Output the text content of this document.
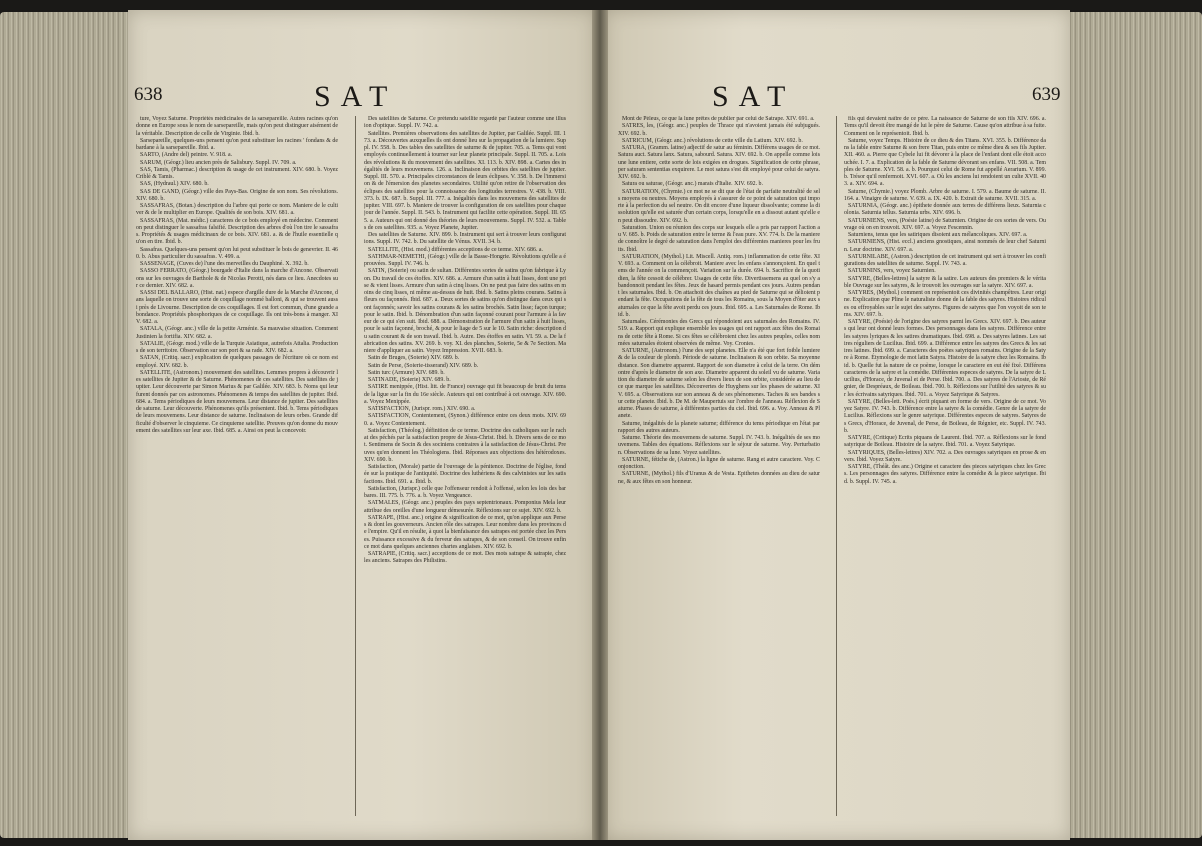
638	SAT

ture, Voyez Saturne. Propriétés médicinales de la sarsepareille. Autres racines qu'on donne en Europe sous le nom de sarsepareille, mais qu'on peut distinguer aisément de la véritable. Description de celle de Virginie. Ibid. b.

Sarsepareille, quelques-uns pensent qu'on peut substituer les racines ' fondans & de bardane à la sarsepareille. Ibid. a.

SARTO, (Andre del) peintre. V. 918. a.

SARUM, (Géogr.) lieu ancien près de Salisbury. Suppl. IV. 709. a.

SAS, Tamis, (Pharmac.) description & usage de cet instrument. XIV. 680. b. Voyez Criblé & Tamis.

SAS, (Hydraul.) XIV. 680. b.

SAS DE GAND, (Géogr.) ville des Pays-Bas. Origine de son nom. Ses révolutions. XIV. 680. b.

SASSAFRAS, (Botan.) description du l'arbre qui porte ce nom. Maniere de le cultiver & de le multiplier en Europe. Qualités de son bois. XIV. 681. a.

SASSAFRAS, (Mat. médic.) caracteres de ce bois employé en médecine. Comment on peut distinguer le sassafras falsifié. Description des arbres d'où l'on tire le sassafras. Propriétés & usages médicinaux de ce bois. XIV. 681. a. & de l'huile essentielle qu'on en tire. Ibid. b.

Sassafras. Quelques-uns pensent qu'on lui peut substituer le bois de genevrier. II. 460. b. Abus particulier du sassafras. V. 499. a.

SASSENAGE, (Cuves de) l'une des merveilles du Dauphiné. X. 392. b.

SASSO FERRATO, (Géogr.) bourgade d'Italie dans la marche d'Ancone. Observations sur les ouvrages de Barthole & de Nicolas Perotti, nés dans ce lieu. Anecdotes sur ce dernier. XIV. 682. a.

SASSI DEL BALLARO, (Hist. nat.) espece d'argille dure de la Marche d'Ancone, dans laquelle on trouve une sorte de coquillage nommé balloni, & qui se trouvent aussi près de Livourne. Description de ces coquillages. Il est fort commun, d'une grande abondance. Propriétés phosphoriques de ce coquillage. Ils ont très-bons à manger. XIV. 682. a.

SATALA, (Géogr. anc.) ville de la petite Arménie. Sa mauvaise situation. Comment Justinien la fortifia. XIV. 682. a.

SATALIE, (Géogr. mod.) ville de la Turquie Asiatique, autrefois Attalia. Productions de son territoire. Observation sur son port & sa rade. XIV. 682. a.

SATAN, (Critiq. sacr.) explication de quelques passages de l'écriture où ce nom est employé. XIV. 682. b.

SATELLITE, (Astronom.) mouvement des satellites. Lemmes propres à découvrir les satellites de Jupiter & de Saturne. Phénomenes de ces satellites. Des satellites de jupiter. Leur découverte par Simon Marius & par Galilée. XIV. 683. b. Noms qui leur furent donnés par ces astronomes. Phénomenes & temps des satellites de jupiter. Ibid. 684. a. Tems périodiques de leurs mouvemens. Leur distance de jupiter. Des satellites de saturne. Leur découverte. Phénomenes qu'ils présentent. Ibid. b. Tems périodiques de leurs mouvemens. Leur distance de saturne. Inclinaison de leurs orbes. Grande difficulté d'observer le cinquieme. Ce cinquieme satellite. Preuves qu'on donne du mouvement des satellites sur leur axe. Ibid. 685. a. Ainsi on peut la concevoir.

Des satellites de Saturne. Ce prétendu satellite regardé par l'auteur comme une illusion d'optique. Suppl. IV. 742. a.

Satellites. Premières observations des satellites de Jupiter, par Galilée. Suppl. III. 173. a. Découvertes auxquelles ils ont donné lieu sur la propagation de la lumiere. Suppl. IV. 558. b. Des tables des satellites de saturne & de jupiter. 705. a. Tems qui vont employés continuellement à tourner sur leur planete principale. Suppl. II. 705. a. Lois des révolutions & du mouvement des satellites. XI. 113. b. XIV. 898. a. Cartes des inégalités de leurs mouvemens. 126. a. Inclinaison des orbites des satellites de jupiter. Suppl. III. 570. a. Principales circonstances de leurs éclipses. V. 358. b. De l'immersion & de l'émersion des planetes secondaires. Utilité qu'on retire de l'observation des éclipses des satellites pour la connoissance des longitudes terrestres. V. 438. b. VIII. 373. b. IX. 687. b. Suppl. III. 777. a. Inégalités dans les mouvemens des satellites de jupiter. VIII. 697. b. Maniere de trouver la configuration de ces satellites pour chaque jour de l'année. Suppl. II. 543. b. Instrument qui facilite cette opération. Suppl. III. 655. a. Auteurs qui ont donné des théories de leurs mouvemens. Suppl. IV. 532. a. Tables de ces satellites. 935. a. Voyez Planete, Jupiter.

Des satellites de Saturne. XIV. 899. b. Instrument qui sert à trouver leurs configurations. Suppl. IV. 742. b. Du satellite de Vénus. XVII. 34. b.

SATELLITE, (Hist. mod.) différentes acceptions de ce terme. XIV. 686. a.

SATHMAR-NEMETHI, (Géogr.) ville de la Basse-Hongrie. Révolutions qu'elle a éprouvées. Suppl. IV. 746. b.

SATIN, (Soierie) ou satin de sultan. Différentes sortes de satins qu'on fabrique à Lyon. Du travail de ces étoffes. XIV. 686. a. Armure d'un satin à huit lisses, dont une prise & vient lisses. Armure d'un satin à cinq lisses. On ne peut pas faire des satins en moins de cinq lisses, ni même au-dessus de huit. Ibid. b. Satins pleins courans. Satins à fleurs ou façonnés. Ibid. 687. a. Deux sortes de satins qu'on distingue dans ceux qui sont façonnés; savoir les satins courans & les satins brochés. Satin lisse; façon turque; pour le satin. Ibid. b. Dénombration d'un satin façonné courant pour l'armure à la faveur de ce qui s'en suit. Ibid. 688. a. Démonstration de l'armure d'un satin à huit lisses, pour le satin façonné, broché, & pour le liage de 5 sur le 10. Satin riche: description du satin courant & de son travail. Ibid. b. Autre. Des étoffes en satin. VI. 59. a. De la fabrication des satins. XV. 269. b. voy. XI. des planches, Soierie, 5e & 7e Section. Maniere d'appliquer au satin. Voyez Impression. XVII. 683. b.

Satin de Bruges, (Soierie) XIV. 689. b.

Satin de Perse, (Soierie-tisserand) XIV. 689. b.

Satin turc (Armure) XIV. 689. b.

SATINADE, (Soierie) XIV. 689. b.

SATIRE menippée, (Hist. litt. de France) ouvrage qui fit beaucoup de bruit du tems de la ligue sur la fin du 16e siècle. Auteurs qui ont contribué à cet ouvrage. XIV. 690. a. Voyez Menippée.

SATISFACTION, (Jurispr. rom.) XIV. 690. a.

SATISFACTION, Contentement, (Synon.) différence entre ces deux mots. XIV. 690. a. Voyez Contentement.

Satisfaction, (Théolog.) définition de ce terme. Doctrine des catholiques sur le rachat des péchés par la satisfaction propre de Jésus-Christ. Ibid. b. Divers sens de ce mot. Sentimens de Socin & des sociniens contraires à la satisfaction de Jésus-Christ. Preuves qu'en donnent les Théologiens. Ibid. Réponses aux objections des hétérodoxes. XIV. 690. b.

Satisfaction, (Morale) partie de l'ouvrage de la pénitence. Doctrine de l'église, fondée sur la pratique de l'antiquité. Doctrine des luthériens & des calvinistes sur les satisfactions. Ibid. 691. a. Ibid. b.

Satisfaction, (Jurispr.) celle que l'offenseur rendoit à l'offensé, selon les lois des barbares. III. 775. b. 776. a. b. Voyez Vengeance.

SATMALES, (Géogr. anc.) peuples des pays septentrionaux. Pomponius Mela leur attribue des oreilles d'une longueur démesurée. Réflexions sur ce sujet. XIV. 692. b.

SATRAPE, (Hist. anc.) origine & signification de ce mot, qu'on applique aux Perses & dont les gouverneurs. Ancien rôle des satrapes. Leur nombre dans les provinces de l'empire. Qu'il en résulte, à quoi la bienfaisance des satrapes est portée chez les Perses. Puissance excessive & du ferveur des satrapes, & de son conseil. On trouve enfin ce mot dans quelques anciennes chartes anglaises. XIV. 692. b.

SATRAPIE, (Critiq. sacr.) acceptions de ce mot. Des mots satrape & satrapie, chez les anciens. Satrapes des Philistins.

SAT	639

Mont de Péleus, ce que la lune prêtes de publier par celui de Satrape. XIV. 691. a.

SATRES, les, (Géogr. anc.) peuples de Thrace qui n'avoient jamais été subjugués. XIV. 692. b.

SATRICUM, (Géogr. anc.) révolutions de cette ville du Latium. XIV. 692. b.

SATURA, (Gramm. latine) adjectif de satur au féminin. Différens usages de ce mot. Satura auct. Satura lanx. Satura, sabourd. Satura. XIV. 692. b. On appelle comme lois une lune entiere, cette sorte de lois exigées en drogues. Signification de cette phrase, per saturam sententias exquirere. Le mot satura s'est dit employé pour celui de satyra. XIV. 692. b.

Satura ou saturae, (Géogr. anc.) marais d'Italie. XIV. 692. b.

SATURATION, (Chymie.) ce mot ne se dit que de l'état de parfaite neutralité de sels moyens ou neutres. Moyens employés à s'assurer de ce point de saturation qui importe à la perfection du sel neutre. On dit encore d'une liqueur dissolvante; comme la dissolution qu'elle est saturée d'un certain corps, lorsqu'elle en a dissout autant qu'elle en peut dissoudre. XIV. 692. b.

Saturation. Union ou réunion des corps sur lesquels elle a pris par rapport l'action au V. 685. b. Poids de saturation entre le terme & l'eau pure. XV. 774. b. De la maniere de connoître le degré de saturation dans l'emploi des différentes manieres pour les fruits. Ibid.

SATURATION, (Mythol.) Lit. Miscell. Antiq. rom.) inflammation de cette fête. XIV. 693. a. Comment on la célébroit. Maniere avec les enfans s'annonçoient. En quel tems de l'année on la commençoit. Variation sur la durée. 694. b. Sacrifice de la quotidien, la fête cessoit de célébrer. Usages de cette fête. Divertissemens au quel on s'y abandonnoit pendant les fêtes. Jeux de hasard permis pendant ces jours. Autres pendant les saturnales. Ibid. b. On attachoit des chaînes au pied de Saturne qui se délioient pendant la fête. Occupations de la fête de tous les Romains, sous la Moyen d'ôter aux saturnales ce que la fête avoit perdu ces jours. Ibid. 695. a. Les Saturnales de Rome. Ibid. b.

Saturnales. Cérémonies des Grecs qui répondoient aux saturnales des Romains. IV. 519. a. Rapport qui explique ensemble les usages qui ont rapport aux fêtes des Romains de cette fête à Rome. Si ces fêtes se célébroient chez les autres peuples, celles nommées saturnales étoient observées de même. Voy. Cronies.

SATURNE, (Astronom.) l'une des sept planetes. Elle n'a été que fort foible lumiere & de la couleur de plomb. Période de saturne. Inclinaison & son orbite. Sa moyenne distance. Son diametre apparent. Rapport de son diametre à celui de la terre. On démontre d'après le diametre de son axe. Diametre apparent du soleil vu de saturne. Variation du diametre de saturne selon les divers lieux de son orbite, considérée au lieu de ce que marque les satellites. Découvertes de Huyghens sur les phases de saturne. XIV. 695. a. Observations sur son anneau & de ses phénomenes. Taches & ses bandes sur cette planete. Ibid. b. De M. de Maupertuis sur l'ombre de l'anneau. Réflexion de Saturne. Phases de saturne, à différentes parties du ciel. Ibid. 696. a. Voy. Anneau & Planete.

Saturne, inégalités de la planete saturne; différence du tems périodique en l'état par rapport des autres auteurs.

Saturne. Théorie des mouvemens de saturne. Suppl. IV. 743. b. Inégalités de ses mouvemens. Tables des équations. Réflexions sur le séjour de saturne. Voy. Perturbation. Observations de sa lune. Voyez satellites.

SATURNE, fétiche de, (Astron.) la ligne de saturne. Rang et autre caractere. Voy. Conjonction.

SATURNE, (Mythol.) fils d'Uranus & de Vesta. Epithetes données au dieu de saturne, & aux fêtes en son honneur.

fils qui devaient naître de ce père. La naissance de Saturne de son fils XIV. 696. a. Tems qu'il devoit être mangé de lui le père de Saturne. Cause qu'on attribue à sa fuite. Comment on le représentoit. Ibid. b.

Saturne, voyez Temps. Histoire de ce dieu & des Titans. XVI. 355. b. Différence dans la fable entre Saturne & son frere Titan, puis entre ce même dieu & ses fils Jupiter. XII. 460. a. Pierre que Cybele lui fit dévorer à la place de l'enfant dont elle étoit accouchée. I. 7. a. Explication de la fable de Saturne dévorant ses enfans. VII. 508. a. Temples de Saturne. XVI. 58. a. b. Pourquoi celui de Rome fut appellé Aerarium. V. 899. b. Trésor qu'il renfermoit. XVI. 607. a. Où les anciens lui rendoient un culte XVII. 403. a. XIV. 694. a.

Saturne, (Chymie.) voyez Plomb. Arbre de saturne. I. 579. a. Baume de saturne. II. 164. a. Vinaigre de saturne. V. 639. a. IX. 420. b. Extrait de saturne. XVII. 315. a.

SATURNIA, (Géogr. anc.) épithete donnée aux terres de différens lieux. Saturnia colonia. Saturnia tellus. Saturnia urbs. XIV. 696. b.

SATURNIENS, vers, (Poésie latine) de Saturnien. Origine de ces sortes de vers. Ouvrage où on en trouvoit. XIV. 697. a. Voyez Fescennin.

Saturniens, tenus que les satiriques disoient aux mélancoliques. XIV. 697. a.

SATURNIENS, (Hist. eccl.) anciens gnostiques, ainsi nommés de leur chef Saturnin. Leur doctrine. XIV. 697. a.

SATURNILABE, (Astron.) description de cet instrument qui sert à trouver les configurations des satellites de saturne. Suppl. IV. 743. a.

SATURNINS, vers, voyez Saturnien.

SATYRE, (Belles-lettres) la satyre & la satire. Les auteurs des premiers & le véritable Ouvrage sur les satyres, & le trouvoit les ouvrages sur la satyre. XIV. 697. a.

SATYRES, (Mythol.) comment on représentoit ces divinités champêtres. Leur origine. Explication que Pline le naturaliste donne de la fable des satyres. Histoires ridicules ou effroyables sur le sujet des satyres. Figures de satyres que l'on voyoit de son tems. XIV. 697. b.

SATYRE, (Poésie) de l'origine des satyres parmi les Grecs. XIV. 697. b. Des auteurs qui leur ont donné leurs formes. Des personnages dans les satyres. Différence entre les satyres lyriques & les satires dramatiques. Ibid. 698. a. Des satyres latines. Les satires réguliers de Lucilius. Ibid. 699. a. Différence entre les satyres des Grecs & les satires latines. Ibid. 699. a. Caracteres des poètes satyriques romains. Origine de la Satyre à Rome. Étymologie de mot latin Satyra. Histoire de la satyre chez les Romains. Ibid. b. Quelle fut la nature de ce poème, lorsque le caractere en eut été fixé. Différens caracteres de la satyre et la comédie. Différentes especes de satyres. De la satyre de Lucilius, d'Horace, de Juvenal et de Perse. Ibid. 700. a. Des satyres de l'Arioste, de Régnier, de Despréaux, de Boileau. Ibid. 700. b. Réflexions sur l'utilité des satyres & sur les écrivains satyriques. Ibid. 701. a. Voyez Satyrique & Satyres.

SATYRE, (Belles-lett. Poés.) écrit piquant en forme de vers. Origine de ce mot. Voyez Satyre. IV. 743. b. Différence entre la satyre & la comédie. Genre de la satyre de Lucilius. Réflexions sur le genre satyrique. Différentes especes de satyres. Satyres des Grecs, d'Horace, de Juvenal, de Perse, de Boileau, de Régnier, etc. Suppl. IV. 743. b.

SATYRE, (Critique) Ecrits piquans de Laurent. Ibid. 707. a. Réflexions sur le fond satyrique de Boileau. Histoire de la satyre. Ibid. 701. a. Voyez Satyrique.

SATYRIQUES, (Belles-lettres) XIV. 702. a. Des ouvrages satyriques en prose & en vers. Ibid. Voyez Satyre.

SATYRE, (Théât. des anc.) Origine et caractere des pieces satyriques chez les Grecs. Les personnages des satyres. Différence entre la comédie & la piece satyrique. Ibid. b. Suppl. IV. 745. a.
